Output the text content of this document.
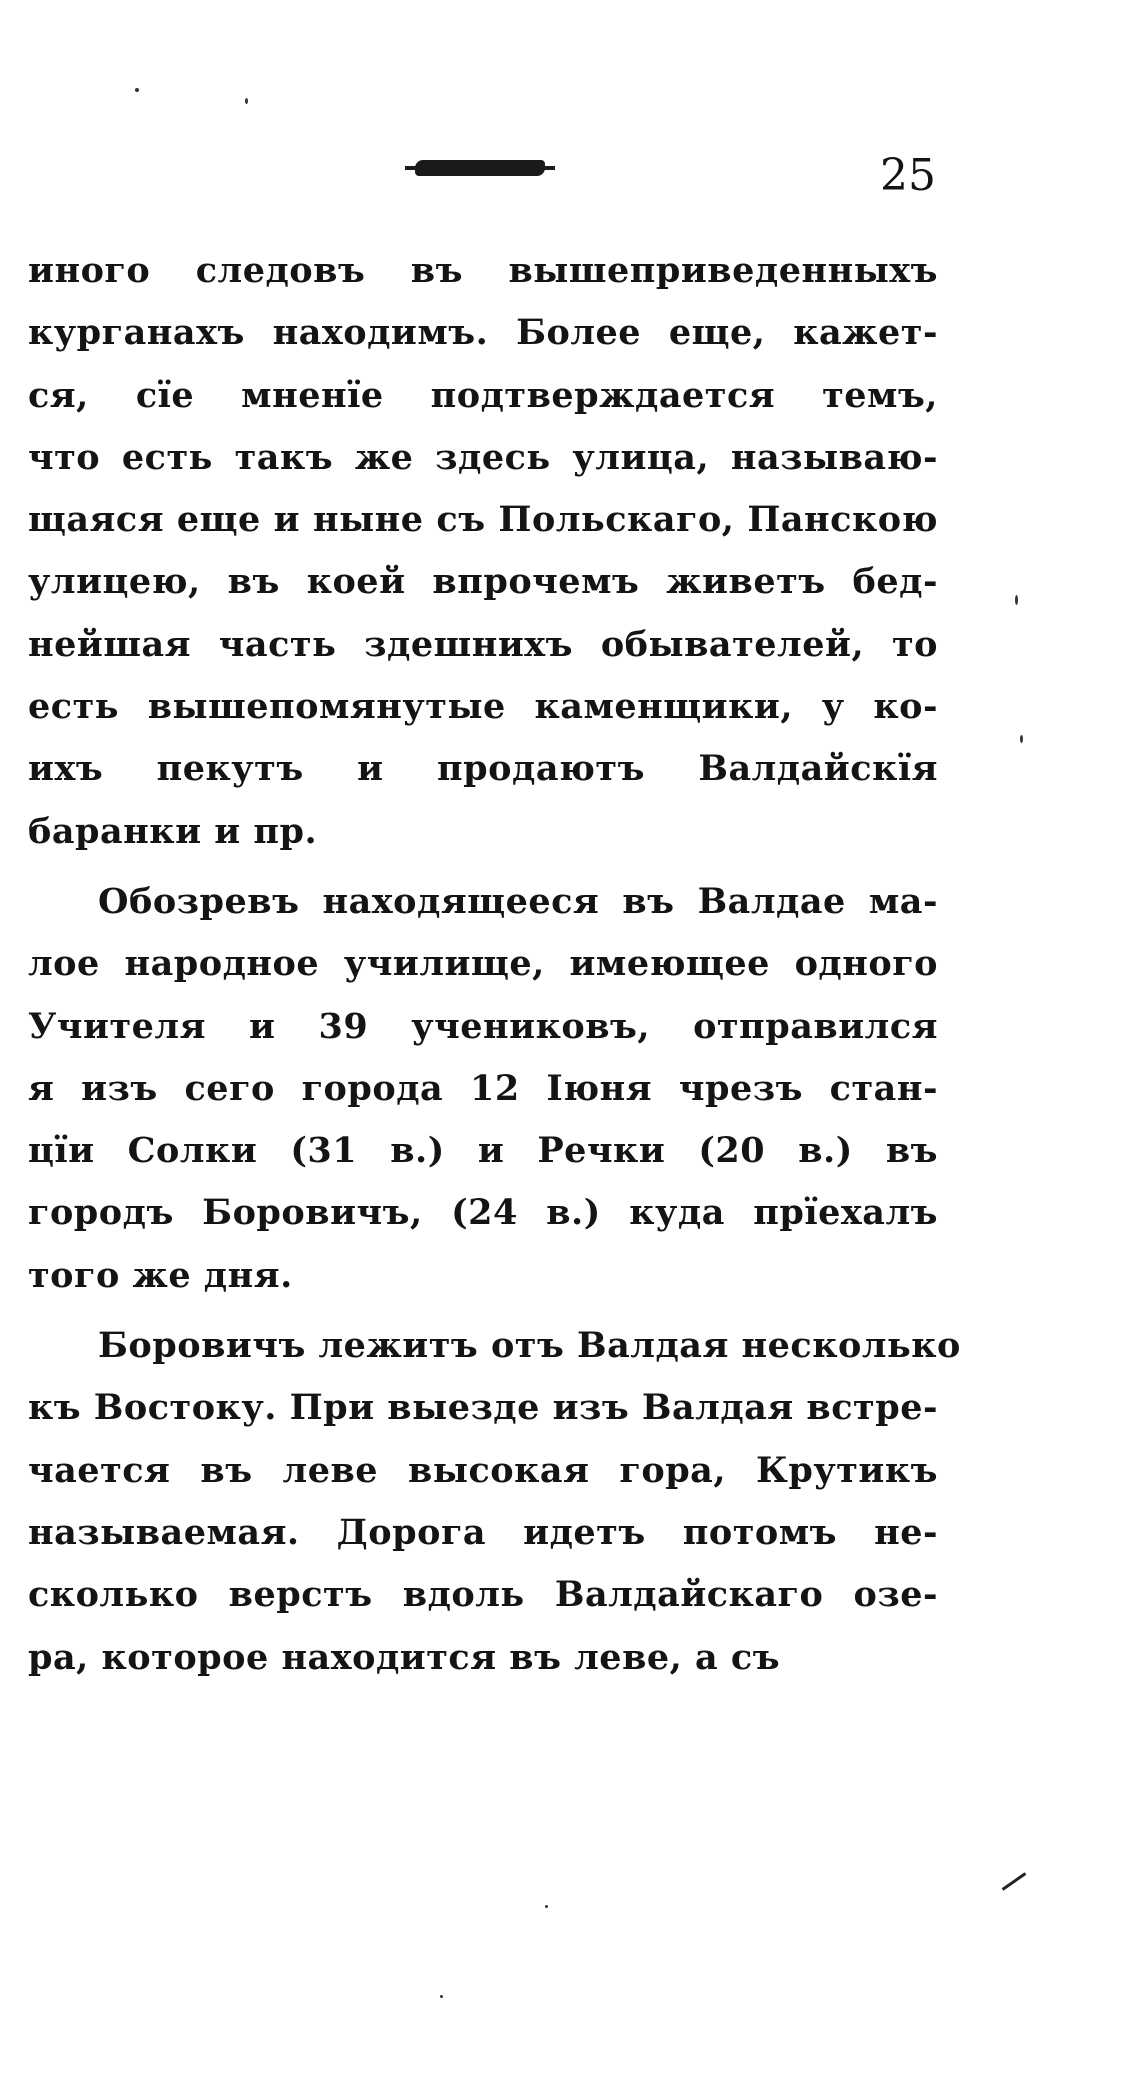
25
иного следовъ въ вышеприведенныхъ
курганахъ находимъ. Более еще, кажет-
ся, сїе мненїе подтверждается темъ,
что есть такъ же здесь улица, называю-
щаяся еще и ныне съ Польскаго, Панскою
улицею, въ коей впрочемъ живетъ бед-
нейшая часть здешнихъ обывателей, то
есть вышепомянутые каменщики, у ко-
ихъ пекутъ и продаютъ Валдайскїя
баранки и пр.
Обозревъ находящееся въ Валдае ма-
лое народное училище, имеющее одного
Учителя и 39 учениковъ, отправился
я изъ сего города 12 Іюня чрезъ стан-
цїи Солки (31 в.) и Речки (20 в.) въ
городъ Боровичъ, (24 в.) куда прїехалъ
того же дня.
Боровичъ лежитъ отъ Валдая несколько
къ Востоку. При выезде изъ Валдая встре-
чается въ леве высокая гора, Крутикъ
называемая. Дорога идетъ потомъ не-
сколько верстъ вдоль Валдайскаго озе-
ра, которое находится въ леве, а съ
